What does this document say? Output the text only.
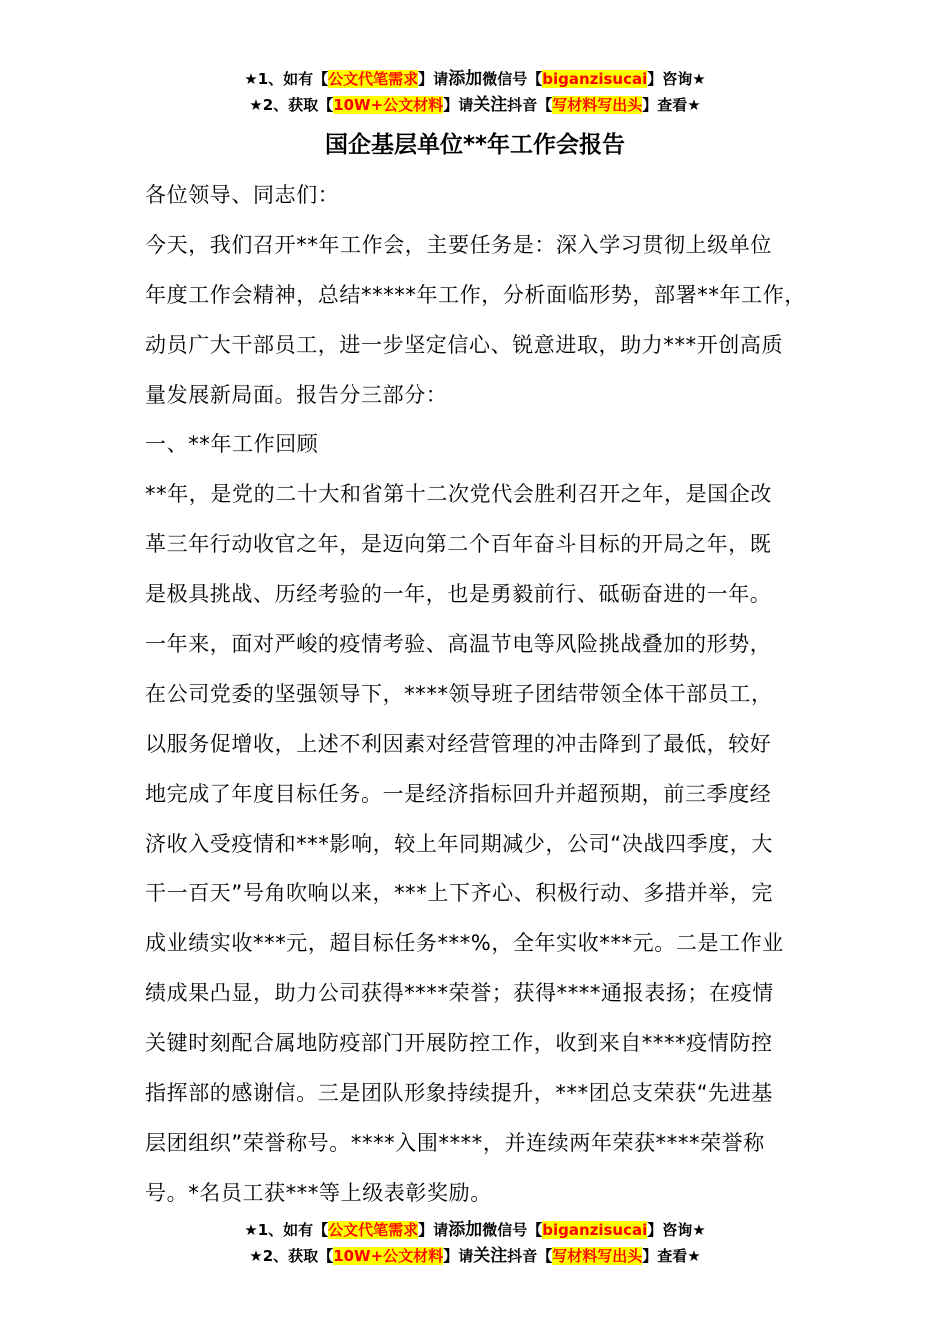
★1、如有【公文代笔需求】请添加微信号【biganzisucai】咨询★
★2、获取【10W+公文材料】请关注抖音【写材料写出头】查看★
国企基层单位**年工作会报告
各位领导、同志们：
今天，我们召开**年工作会，主要任务是：深入学习贯彻上级单位
年度工作会精神，总结*****年工作，分析面临形势，部署**年工作，
动员广大干部员工，进一步坚定信心、锐意进取，助力***开创高质
量发展新局面。报告分三部分：
一、**年工作回顾
**年，是党的二十大和省第十二次党代会胜利召开之年，是国企改
革三年行动收官之年，是迈向第二个百年奋斗目标的开局之年，既
是极具挑战、历经考验的一年，也是勇毅前行、砥砺奋进的一年。
一年来，面对严峻的疫情考验、高温节电等风险挑战叠加的形势，
在公司党委的坚强领导下，****领导班子团结带领全体干部员工，
以服务促增收，上述不利因素对经营管理的冲击降到了最低，较好
地完成了年度目标任务。一是经济指标回升并超预期，前三季度经
济收入受疫情和***影响，较上年同期减少，公司“决战四季度，大
干一百天”号角吹响以来，***上下齐心、积极行动、多措并举，完
成业绩实收***元，超目标任务***%，全年实收***元。二是工作业
绩成果凸显，助力公司获得****荣誉；获得****通报表扬；在疫情
关键时刻配合属地防疫部门开展防控工作，收到来自****疫情防控
指挥部的感谢信。三是团队形象持续提升，***团总支荣获“先进基
层团组织”荣誉称号。****入围****，并连续两年荣获****荣誉称
号。*名员工获***等上级表彰奖励。
★1、如有【公文代笔需求】请添加微信号【biganzisucai】咨询★
★2、获取【10W+公文材料】请关注抖音【写材料写出头】查看★
